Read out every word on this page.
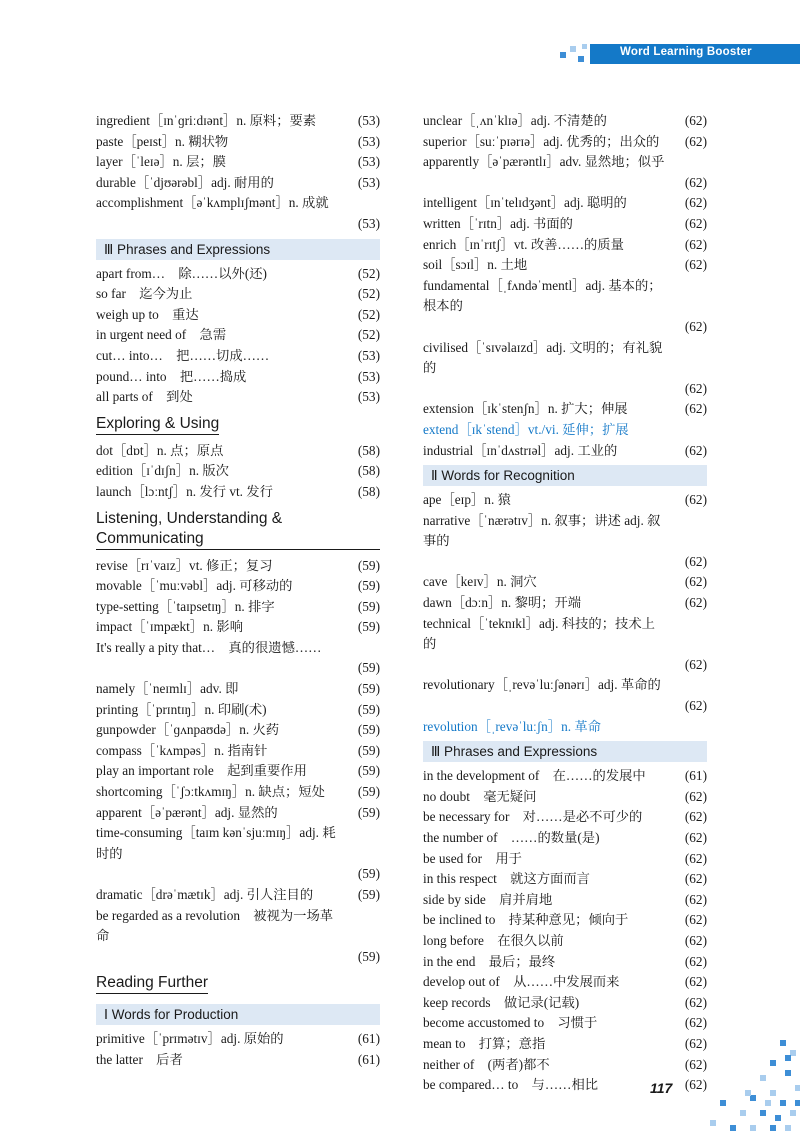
Word Learning Booster
ingredient［ɪnˈɡriːdɪənt］n. 原料；要素	(53)
paste［peɪst］n. 糊状物	(53)
layer［ˈleɪə］n. 层；膜	(53)
durable［ˈdjʊərəbl］adj. 耐用的	(53)
accomplishment［əˈkʌmplɪʃmənt］n. 成就
(53)
Ⅲ Phrases and Expressions
apart from…　除……以外(还)	(52)
so far　迄今为止	(52)
weigh up to　重达	(52)
in urgent need of　急需	(52)
cut… into…　把……切成……	(53)
pound… into　把……捣成	(53)
all parts of　到处	(53)
Exploring & Using
dot［dɒt］n. 点；原点	(58)
edition［ɪˈdɪʃn］n. 版次	(58)
launch［lɔːntʃ］n. 发行 vt. 发行	(58)
Listening, Understanding & Communicating
revise［rɪˈvaɪz］vt. 修正；复习	(59)
movable［ˈmuːvəbl］adj. 可移动的	(59)
type-setting［ˈtaɪpsetɪŋ］n. 排字	(59)
impact［ˈɪmpækt］n. 影响	(59)
It's really a pity that…　真的很遗憾……
(59)
namely［ˈneɪmlɪ］adv. 即	(59)
printing［ˈprɪntɪŋ］n. 印刷(术)	(59)
gunpowder［ˈɡʌnpaʊdə］n. 火药	(59)
compass［ˈkʌmpəs］n. 指南针	(59)
play an important role　起到重要作用	(59)
shortcoming［ˈʃɔːtkʌmɪŋ］n. 缺点；短处 (59)
apparent［əˈpærənt］adj. 显然的	(59)
time-consuming［taɪm kənˈsjuːmɪŋ］adj. 耗时的
(59)
dramatic［drəˈmætɪk］adj. 引人注目的	(59)
be regarded as a revolution　被视为一场革命
(59)
Reading Further
Ⅰ Words for Production
primitive［ˈprɪmətɪv］adj. 原始的	(61)
the latter　后者	(61)
unclear［ˌʌnˈklɪə］adj. 不清楚的	(62)
superior［suːˈpɪərɪə］adj. 优秀的；出众的 (62)
apparently［əˈpærəntlɪ］adv. 显然地；似乎
(62)
intelligent［ɪnˈtelɪdʒənt］adj. 聪明的	(62)
written［ˈrɪtn］adj. 书面的	(62)
enrich［ɪnˈrɪtʃ］vt. 改善……的质量	(62)
soil［sɔɪl］n. 土地	(62)
fundamental［ˌfʌndəˈmentl］adj. 基本的；根本的
(62)
civilised［ˈsɪvəlaɪzd］adj. 文明的；有礼貌的
(62)
extension［ɪkˈstenʃn］n. 扩大；伸展	(62)
extend［ɪkˈstend］vt./vi. 延伸；扩展
industrial［ɪnˈdʌstrɪəl］adj. 工业的	(62)
Ⅱ Words for Recognition
ape［eɪp］n. 猿	(62)
narrative［ˈnærətɪv］n. 叙事；讲述 adj. 叙事的
(62)
cave［keɪv］n. 洞穴	(62)
dawn［dɔːn］n. 黎明；开端	(62)
technical［ˈteknɪkl］adj. 科技的；技术上的
(62)
revolutionary［ˌrevəˈluːʃənərɪ］adj. 革命的
(62)
revolution［ˌrevəˈluːʃn］n. 革命
Ⅲ Phrases and Expressions
in the development of　在……的发展中	(61)
no doubt　毫无疑问	(62)
be necessary for　对……是必不可少的	(62)
the number of　……的数量(是)	(62)
be used for　用于	(62)
in this respect　就这方面而言	(62)
side by side　肩并肩地	(62)
be inclined to　持某种意见；倾向于	(62)
long before　在很久以前	(62)
in the end　最后；最终	(62)
develop out of　从……中发展而来	(62)
keep records　做记录(记载)	(62)
become accustomed to　习惯于	(62)
mean to　打算；意指	(62)
neither of　(两者)都不	(62)
be compared… to　与……相比	(62)
117
